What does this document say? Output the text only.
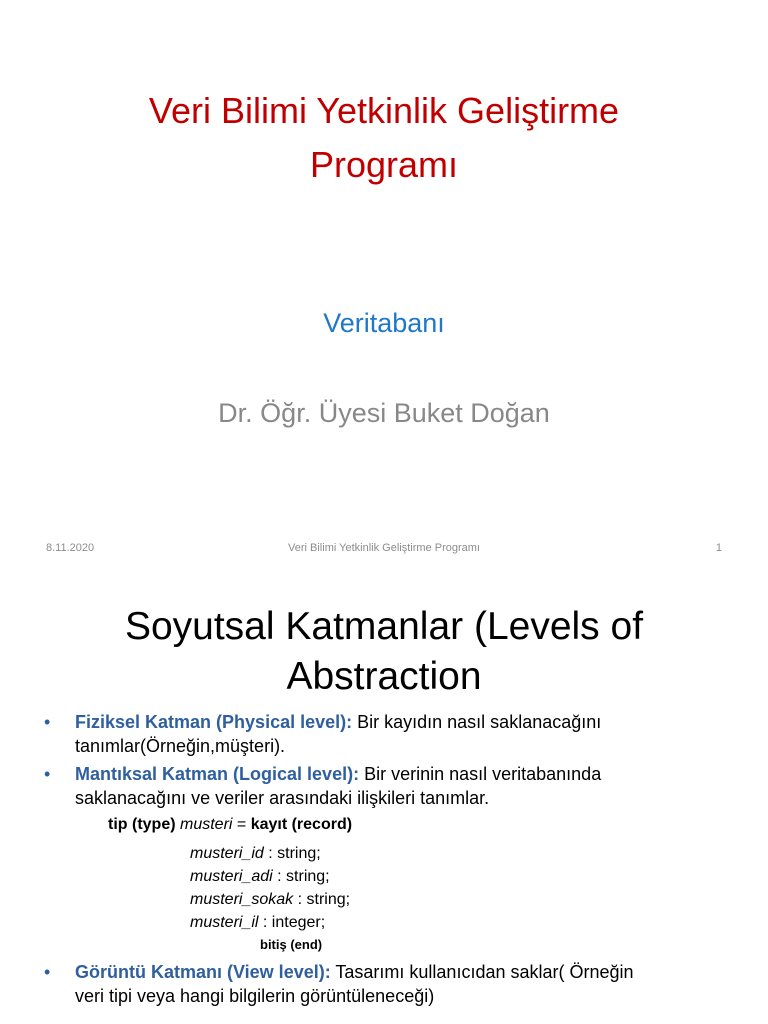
Veri Bilimi Yetkinlik Geliştirme
Programı
Veritabanı
Dr. Öğr. Üyesi Buket Doğan
8.11.2020	Veri Bilimi Yetkinlik Geliştirme Programı	1
Soyutsal Katmanlar (Levels of
Abstraction
• Fiziksel Katman (Physical level): Bir kayıdın nasıl saklanacağını
tanımlar(Örneğin,müşteri).
• Mantıksal Katman (Logical level): Bir verinin nasıl veritabanında
saklanacağını ve veriler arasındaki ilişkileri tanımlar.
tip (type) musteri = kayıt (record)
musteri_id : string;
musteri_adi : string;
musteri_sokak : string;
musteri_il : integer;
bitiş (end)
• Görüntü Katmanı (View level): Tasarımı kullanıcıdan saklar( Örneğin
veri tipi veya hangi bilgilerin görüntüleneceği)
